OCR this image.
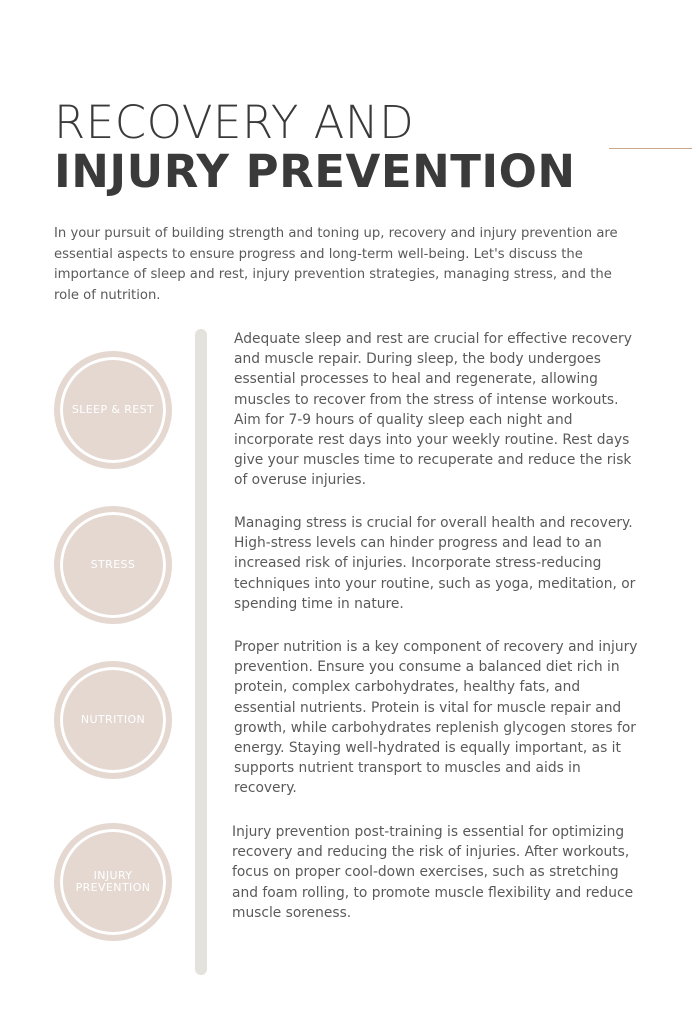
RECOVERY AND
INJURY PREVENTION

In your pursuit of building strength and toning up, recovery and injury prevention are essential aspects to ensure progress and long-term well-being. Let's discuss the importance of sleep and rest, injury prevention strategies, managing stress, and the role of nutrition.

SLEEP & REST

Adequate sleep and rest are crucial for effective recovery and muscle repair. During sleep, the body undergoes essential processes to heal and regenerate, allowing muscles to recover from the stress of intense workouts. Aim for 7-9 hours of quality sleep each night and incorporate rest days into your weekly routine. Rest days give your muscles time to recuperate and reduce the risk of overuse injuries.

STRESS

Managing stress is crucial for overall health and recovery. High-stress levels can hinder progress and lead to an increased risk of injuries. Incorporate stress-reducing techniques into your routine, such as yoga, meditation, or spending time in nature.

NUTRITION

Proper nutrition is a key component of recovery and injury prevention. Ensure you consume a balanced diet rich in protein, complex carbohydrates, healthy fats, and essential nutrients. Protein is vital for muscle repair and growth, while carbohydrates replenish glycogen stores for energy. Staying well-hydrated is equally important, as it supports nutrient transport to muscles and aids in recovery.

INJURY PREVENTION

Injury prevention post-training is essential for optimizing recovery and reducing the risk of injuries. After workouts, focus on proper cool-down exercises, such as stretching and foam rolling, to promote muscle flexibility and reduce muscle soreness.
